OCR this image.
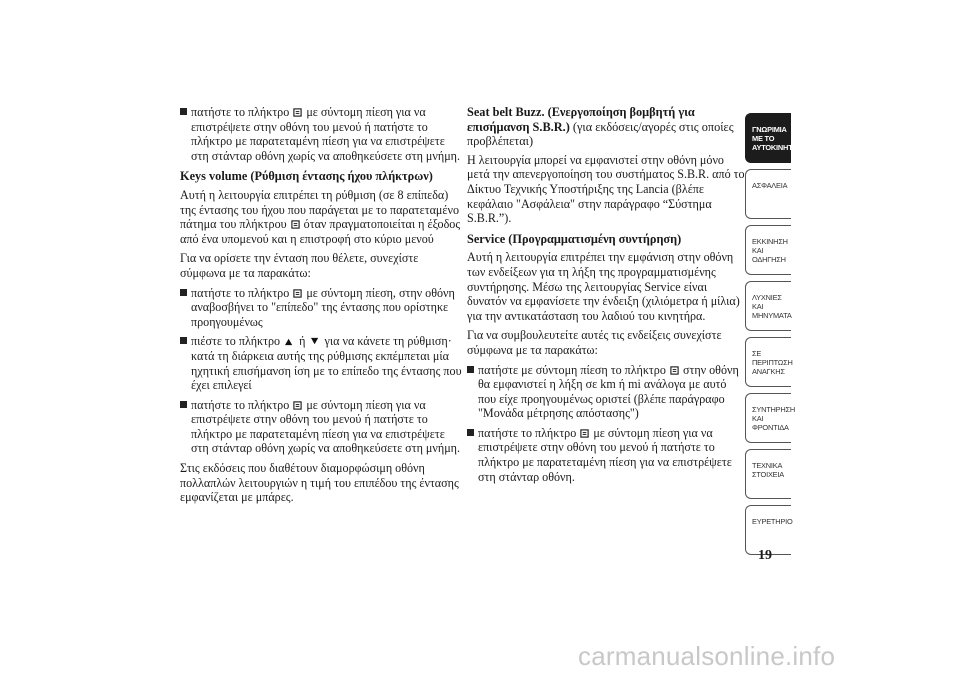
πατήστε το πλήκτρο με σύντομη πίεση για να επιστρέψετε στην οθόνη του μενού ή πατήστε το πλήκτρο με παρατεταμένη πίεση για να επιστρέψετε στη στάνταρ οθόνη χωρίς να αποθηκεύσετε στη μνήμη.
Keys volume (Ρύθμιση έντασης ήχου πλήκτρων)

Αυτή η λειτουργία επιτρέπει τη ρύθμιση (σε 8 επίπεδα) της έντασης του ήχου που παράγεται με το παρατεταμένο πάτημα του πλήκτρου όταν πραγματοποιείται η έξοδος από ένα υπομενού και η επιστροφή στο κύριο μενού

Για να ορίσετε την ένταση που θέλετε, συνεχίστε σύμφωνα με τα παρακάτω:

πατήστε το πλήκτρο με σύντομη πίεση, στην οθόνη αναβοσβήνει το "επίπεδο" της έντασης που ορίστηκε προηγουμένως
πιέστε το πλήκτρο ή για να κάνετε τη ρύθμιση· κατά τη διάρκεια αυτής της ρύθμισης εκπέμπεται μία ηχητική επισήμανση ίση με το επίπεδο της έντασης που έχει επιλεγεί
πατήστε το πλήκτρο με σύντομη πίεση για να επιστρέψετε στην οθόνη του μενού ή πατήστε το πλήκτρο με παρατεταμένη πίεση για να επιστρέψετε στη στάνταρ οθόνη χωρίς να αποθηκεύσετε στη μνήμη.

Στις εκδόσεις που διαθέτουν διαμορφώσιμη οθόνη πολλαπλών λειτουργιών η τιμή του επιπέδου της έντασης εμφανίζεται με μπάρες.

Seat belt Buzz. (Ενεργοποίηση βομβητή για επισήμανση S.B.R.) (για εκδόσεις/αγορές στις οποίες προβλέπεται)

Η λειτουργία μπορεί να εμφανιστεί στην οθόνη μόνο μετά την απενεργοποίηση του συστήματος S.B.R. από το Δίκτυο Τεχνικής Υποστήριξης της Lancia (βλέπε κεφάλαιο "Ασφάλεια" στην παράγραφο “Σύστημα S.B.R.”).

Service (Προγραμματισμένη συντήρηση)

Αυτή η λειτουργία επιτρέπει την εμφάνιση στην οθόνη των ενδείξεων για τη λήξη της προγραμματισμένης συντήρησης. Μέσω της λειτουργίας Service είναι δυνατόν να εμφανίσετε την ένδειξη (χιλιόμετρα ή μίλια) για την αντικατάσταση του λαδιού του κινητήρα.

Για να συμβουλευτείτε αυτές τις ενδείξεις συνεχίστε σύμφωνα με τα παρακάτω:

πατήστε με σύντομη πίεση το πλήκτρο στην οθόνη θα εμφανιστεί η λήξη σε km ή mi ανάλογα με αυτό που είχε προηγουμένως οριστεί (βλέπε παράγραφο "Μονάδα μέτρησης απόστασης")
πατήστε το πλήκτρο με σύντομη πίεση για να επιστρέψετε στην οθόνη του μενού ή πατήστε το πλήκτρο με παρατεταμένη πίεση για να επιστρέψετε στη στάνταρ οθόνη.
ΓΝΩΡΙΜΙΑ ΜΕ ΤΟ ΑΥΤΟΚΙΝΗΤΟ
ΑΣΦΑΛΕΙΑ
ΕΚΚΙΝΗΣΗ ΚΑΙ ΟΔΗΓΗΣΗ
ΛΥΧΝΙΕΣ ΚΑΙ ΜΗΝΥΜΑΤΑ
ΣΕ ΠΕΡΙΠΤΩΣΗ ΑΝΑΓΚΗΣ
ΣΥΝΤΗΡΗΣΗ ΚΑΙ ΦΡΟΝΤΙΔΑ
ΤΕΧΝΙΚΑ ΣΤΟΙΧΕΙΑ
ΕΥΡΕΤΗΡΙΟ
19
carmanualsonline.info
